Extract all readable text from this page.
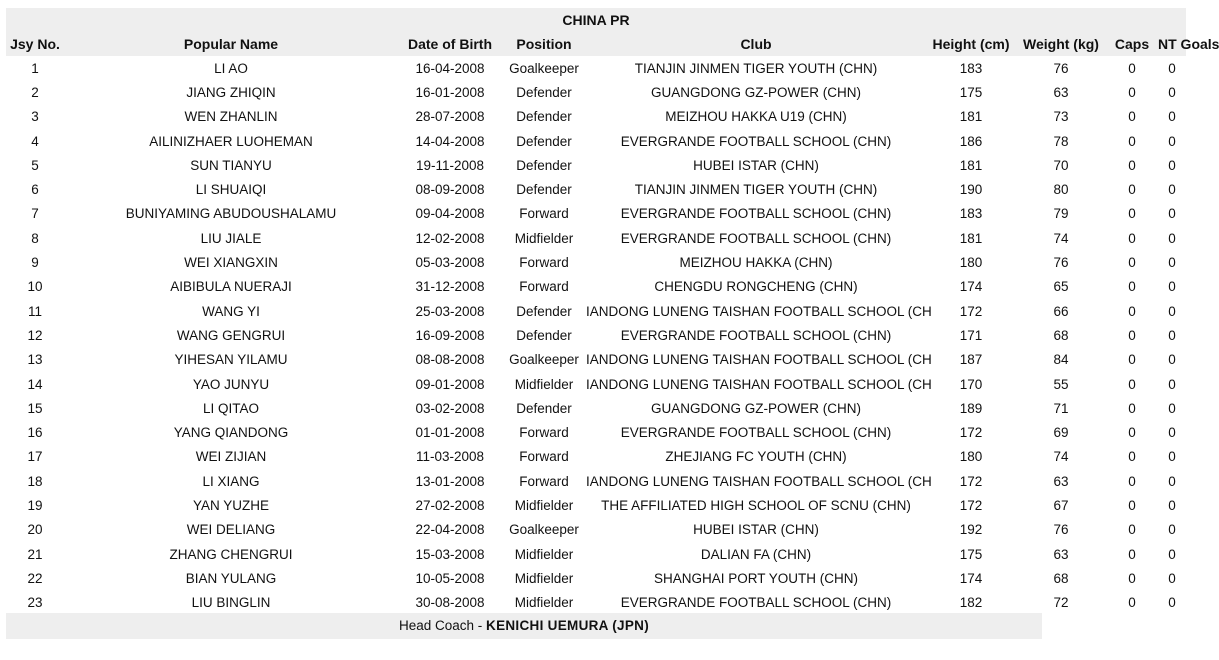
CHINA PR
Jsy No.	Popular Name	Date of Birth	Position	Club	Height (cm)	Weight (kg)	Caps	NT Goals
1	LI AO	16-04-2008	Goalkeeper	TIANJIN JINMEN TIGER YOUTH (CHN)	183	76	0	0
2	JIANG ZHIQIN	16-01-2008	Defender	GUANGDONG GZ-POWER (CHN)	175	63	0	0
3	WEN ZHANLIN	28-07-2008	Defender	MEIZHOU HAKKA U19 (CHN)	181	73	0	0
4	AILINIZHAER LUOHEMAN	14-04-2008	Defender	EVERGRANDE FOOTBALL SCHOOL (CHN)	186	78	0	0
5	SUN TIANYU	19-11-2008	Defender	HUBEI ISTAR (CHN)	181	70	0	0
6	LI SHUAIQI	08-09-2008	Defender	TIANJIN JINMEN TIGER YOUTH (CHN)	190	80	0	0
7	BUNIYAMING ABUDOUSHALAMU	09-04-2008	Forward	EVERGRANDE FOOTBALL SCHOOL (CHN)	183	79	0	0
8	LIU JIALE	12-02-2008	Midfielder	EVERGRANDE FOOTBALL SCHOOL (CHN)	181	74	0	0
9	WEI XIANGXIN	05-03-2008	Forward	MEIZHOU HAKKA (CHN)	180	76	0	0
10	AIBIBULA NUERAJI	31-12-2008	Forward	CHENGDU RONGCHENG (CHN)	174	65	0	0
11	WANG YI	25-03-2008	Defender	IANDONG LUNENG TAISHAN FOOTBALL SCHOOL (CH	172	66	0	0
12	WANG GENGRUI	16-09-2008	Defender	EVERGRANDE FOOTBALL SCHOOL (CHN)	171	68	0	0
13	YIHESAN YILAMU	08-08-2008	Goalkeeper	IANDONG LUNENG TAISHAN FOOTBALL SCHOOL (CH	187	84	0	0
14	YAO JUNYU	09-01-2008	Midfielder	IANDONG LUNENG TAISHAN FOOTBALL SCHOOL (CH	170	55	0	0
15	LI QITAO	03-02-2008	Defender	GUANGDONG GZ-POWER (CHN)	189	71	0	0
16	YANG QIANDONG	01-01-2008	Forward	EVERGRANDE FOOTBALL SCHOOL (CHN)	172	69	0	0
17	WEI ZIJIAN	11-03-2008	Forward	ZHEJIANG FC YOUTH (CHN)	180	74	0	0
18	LI XIANG	13-01-2008	Forward	IANDONG LUNENG TAISHAN FOOTBALL SCHOOL (CH	172	63	0	0
19	YAN YUZHE	27-02-2008	Midfielder	THE AFFILIATED HIGH SCHOOL OF SCNU (CHN)	172	67	0	0
20	WEI DELIANG	22-04-2008	Goalkeeper	HUBEI ISTAR (CHN)	192	76	0	0
21	ZHANG CHENGRUI	15-03-2008	Midfielder	DALIAN FA (CHN)	175	63	0	0
22	BIAN YULANG	10-05-2008	Midfielder	SHANGHAI PORT YOUTH (CHN)	174	68	0	0
23	LIU BINGLIN	30-08-2008	Midfielder	EVERGRANDE FOOTBALL SCHOOL (CHN)	182	72	0	0
Head Coach - KENICHI UEMURA (JPN)
